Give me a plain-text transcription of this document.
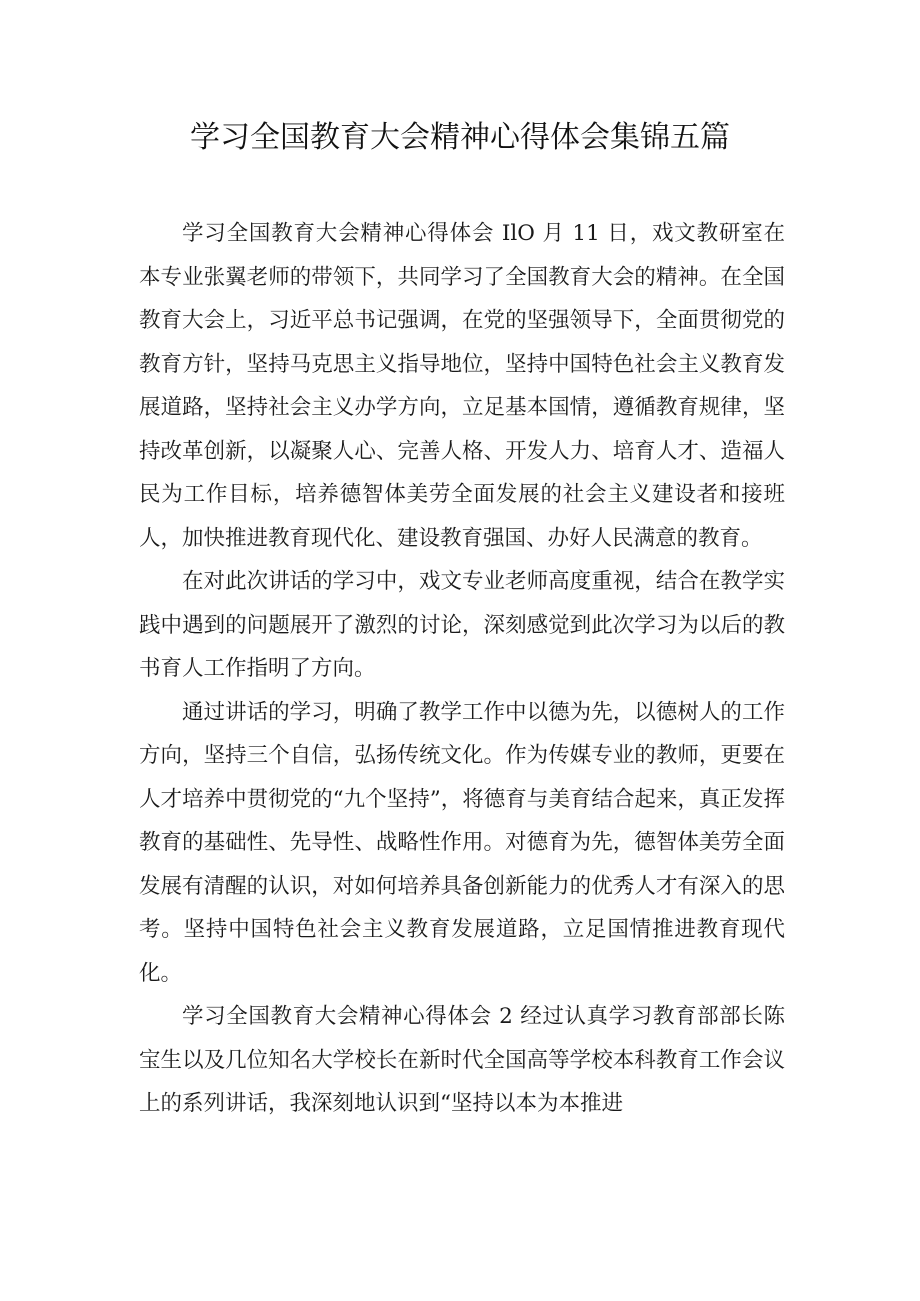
学习全国教育大会精神心得体会集锦五篇

学习全国教育大会精神心得体会 IlO 月 11 日，戏文教研室在本专业张翼老师的带领下，共同学习了全国教育大会的精神。在全国教育大会上，习近平总书记强调，在党的坚强领导下，全面贯彻党的教育方针，坚持马克思主义指导地位，坚持中国特色社会主义教育发展道路，坚持社会主义办学方向，立足基本国情，遵循教育规律，坚持改革创新，以凝聚人心、完善人格、开发人力、培育人才、造福人民为工作目标，培养德智体美劳全面发展的社会主义建设者和接班人，加快推进教育现代化、建设教育强国、办好人民满意的教育。

在对此次讲话的学习中，戏文专业老师高度重视，结合在教学实践中遇到的问题展开了激烈的讨论，深刻感觉到此次学习为以后的教书育人工作指明了方向。

通过讲话的学习，明确了教学工作中以德为先，以德树人的工作方向，坚持三个自信，弘扬传统文化。作为传媒专业的教师，更要在人才培养中贯彻党的“九个坚持”，将德育与美育结合起来，真正发挥教育的基础性、先导性、战略性作用。对德育为先，德智体美劳全面发展有清醒的认识，对如何培养具备创新能力的优秀人才有深入的思考。坚持中国特色社会主义教育发展道路，立足国情推进教育现代化。

学习全国教育大会精神心得体会 2 经过认真学习教育部部长陈宝生以及几位知名大学校长在新时代全国高等学校本科教育工作会议上的系列讲话，我深刻地认识到“坚持以本为本推进
